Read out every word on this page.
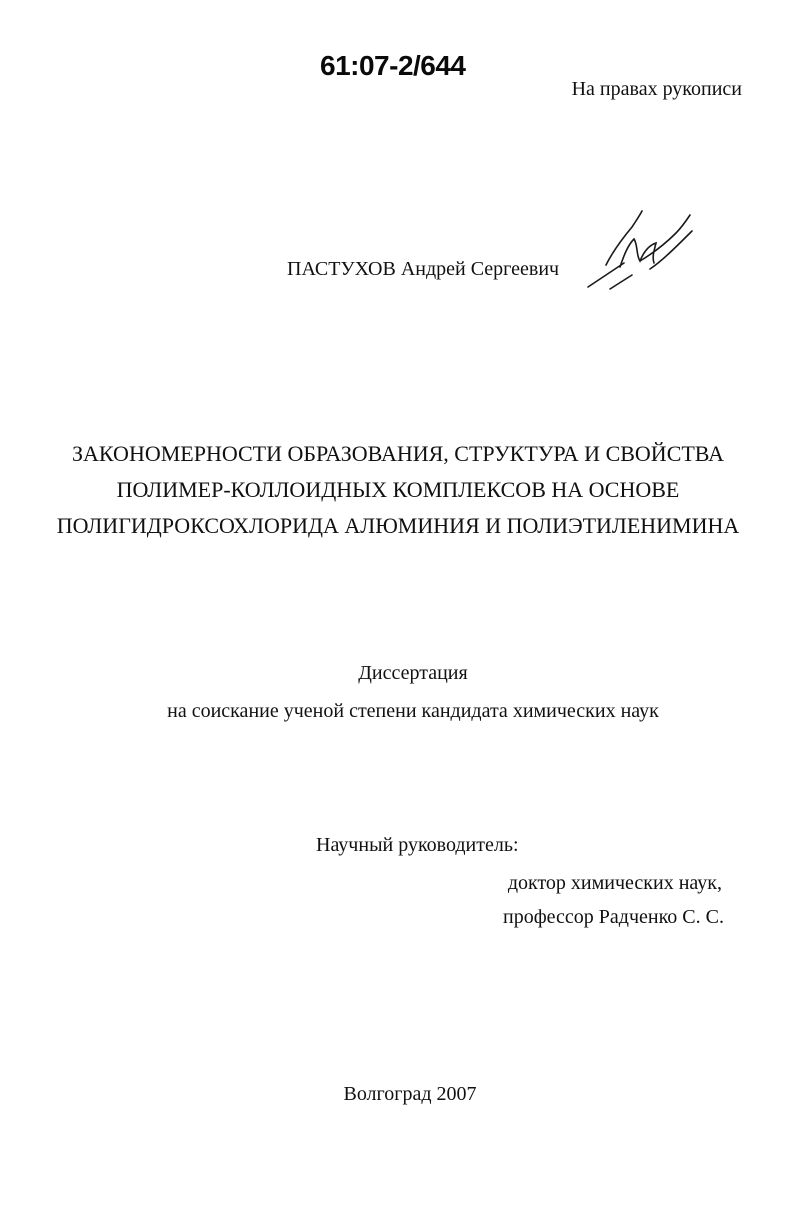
61:07-2/644
На правах рукописи
ПАСТУХОВ Андрей Сергеевич
ЗАКОНОМЕРНОСТИ ОБРАЗОВАНИЯ, СТРУКТУРА И СВОЙСТВА
ПОЛИМЕР-КОЛЛОИДНЫХ КОМПЛЕКСОВ НА ОСНОВЕ
ПОЛИГИДРОКСОХЛОРИДА АЛЮМИНИЯ И ПОЛИЭТИЛЕНИМИНА
Диссертация
на соискание ученой степени кандидата химических наук
Научный руководитель:
доктор химических наук,
профессор Радченко С. С.
Волгоград 2007
